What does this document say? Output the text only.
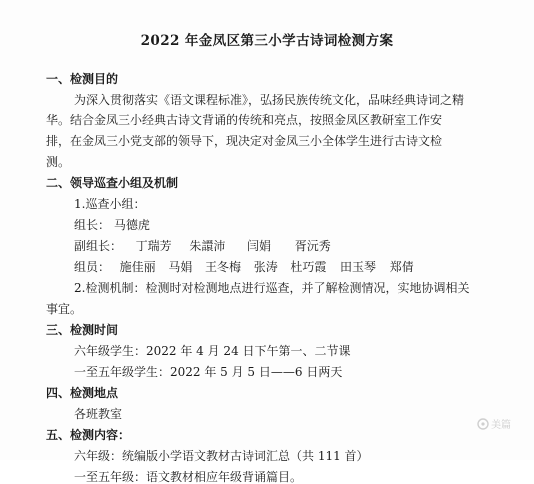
2022 年金凤区第三小学古诗词检测方案
一、检测目的
为深入贯彻落实《语文课程标准》，弘扬民族传统文化，品味经典诗词之精
华。结合金凤三小经典古诗文背诵的传统和亮点，按照金凤区教研室工作安
排，在金凤三小党支部的领导下，现决定对金凤三小全体学生进行古诗文检
测。
二、领导巡查小组及机制
1.巡查小组：
组长： 马德虎
副组长： 丁瑞芳 朱譞沛 闫娟 胥沅秀
组员： 施佳丽 马娟 王冬梅 张涛 杜巧霞 田玉琴 郑倩
2.检测机制：检测时对检测地点进行巡查，并了解检测情况，实地协调相关
事宜。
三、检测时间
六年级学生：2022 年 4 月 24 日下午第一、二节课
一至五年级学生：2022 年 5 月 5 日——6 日两天
四、检测地点
各班教室
五、检测内容：
六年级：统编版小学语文教材古诗词汇总（共 111 首）
一至五年级：语文教材相应年级背诵篇目。
美篇
